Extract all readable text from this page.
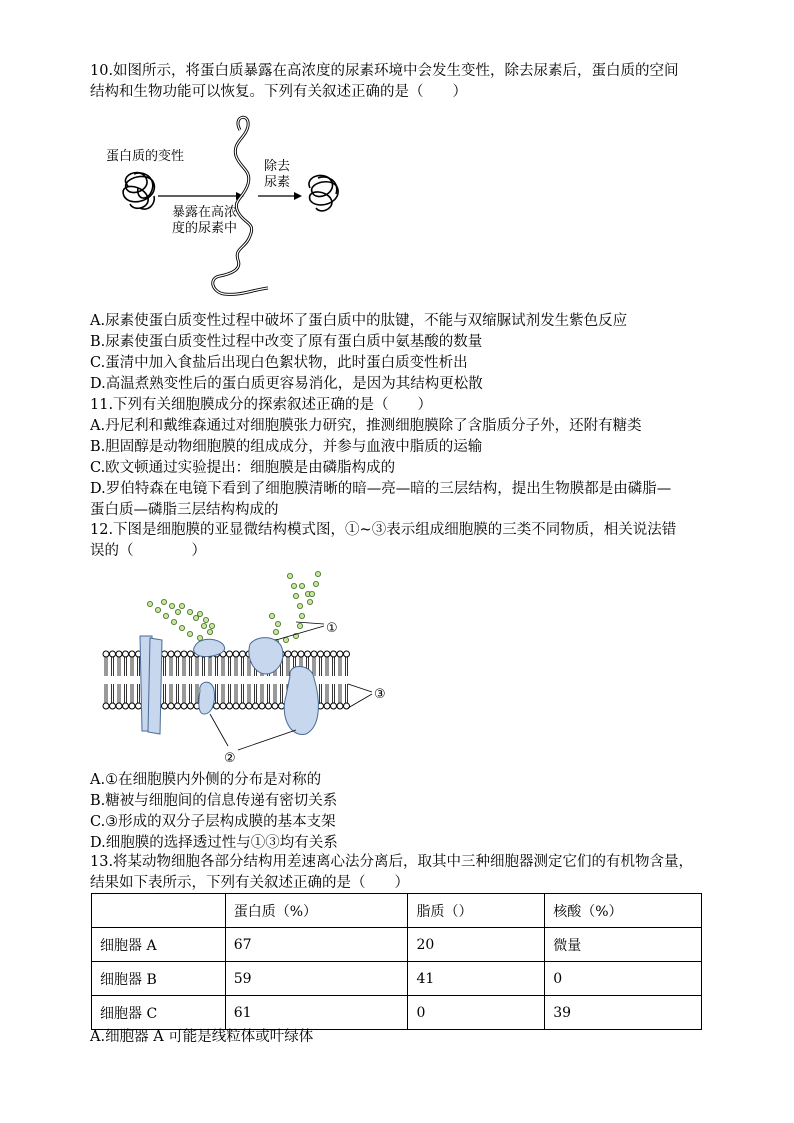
10.如图所示，将蛋白质暴露在高浓度的尿素环境中会发生变性，除去尿素后，蛋白质的空间
结构和生物功能可以恢复。下列有关叙述正确的是（　　）
蛋白质的变性
暴露在高浓
度的尿素中
除去
尿素
A.尿素使蛋白质变性过程中破坏了蛋白质中的肽键，不能与双缩脲试剂发生紫色反应
B.尿素使蛋白质变性过程中改变了原有蛋白质中氨基酸的数量
C.蛋清中加入食盐后出现白色絮状物，此时蛋白质变性析出
D.高温煮熟变性后的蛋白质更容易消化，是因为其结构更松散
11.下列有关细胞膜成分的探索叙述正确的是（　　）
A.丹尼利和戴维森通过对细胞膜张力研究，推测细胞膜除了含脂质分子外，还附有糖类
B.胆固醇是动物细胞膜的组成成分，并参与血液中脂质的运输
C.欧文顿通过实验提出：细胞膜是由磷脂构成的
D.罗伯特森在电镜下看到了细胞膜清晰的暗—亮—暗的三层结构，提出生物膜都是由磷脂—
蛋白质—磷脂三层结构构成的
12.下图是细胞膜的亚显微结构模式图，①~③表示组成细胞膜的三类不同物质，相关说法错
误的（　　　　）
①
③
②
A.①在细胞膜内外侧的分布是对称的
B.糖被与细胞间的信息传递有密切关系
C.③形成的双分子层构成膜的基本支架
D.细胞膜的选择透过性与①③均有关系
13.将某动物细胞各部分结构用差速离心法分离后，取其中三种细胞器测定它们的有机物含量，
结果如下表所示，下列有关叙述正确的是（　　）
	蛋白质（%）	脂质（）	核酸（%）
细胞器 A	67	20	微量
细胞器 B	59	41	0
细胞器 C	61	0	39
A.细胞器 A 可能是线粒体或叶绿体
